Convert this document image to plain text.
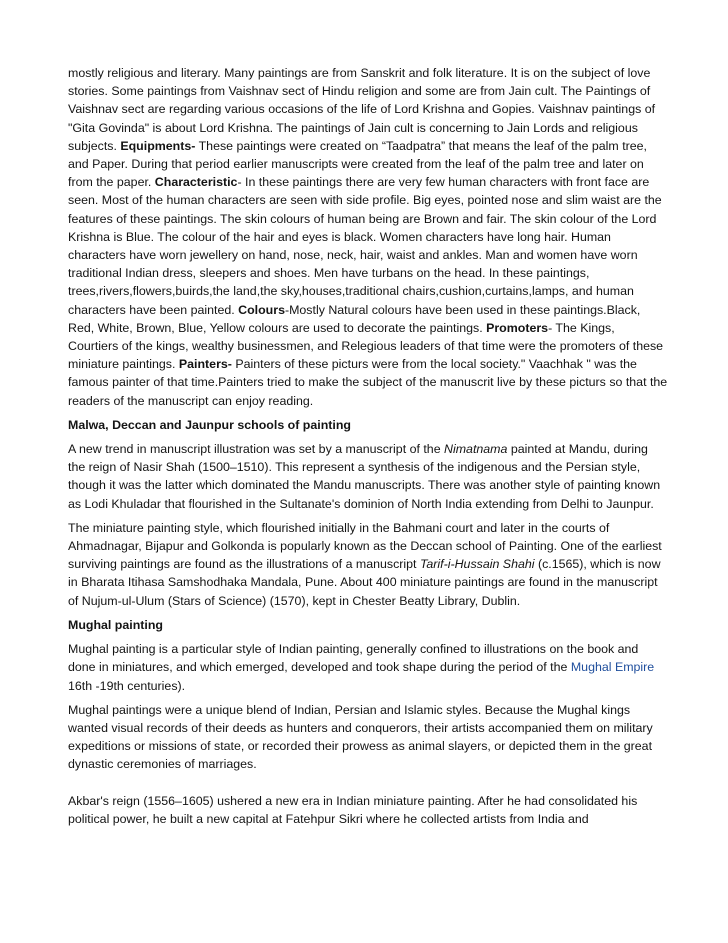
mostly religious and literary. Many paintings are from Sanskrit and folk literature. It is on the subject of love stories. Some paintings from Vaishnav sect of Hindu religion and some are from Jain cult. The Paintings of Vaishnav sect are regarding various occasions of the life of Lord Krishna and Gopies. Vaishnav paintings of "Gita Govinda" is about Lord Krishna. The paintings of Jain cult is concerning to Jain Lords and religious subjects. Equipments- These paintings were created on “Taadpatra” that means the leaf of the palm tree, and Paper. During that period earlier manuscripts were created from the leaf of the palm tree and later on from the paper. Characteristic- In these paintings there are very few human characters with front face are seen. Most of the human characters are seen with side profile. Big eyes, pointed nose and slim waist are the features of these paintings. The skin colours of human being are Brown and fair. The skin colour of the Lord Krishna is Blue. The colour of the hair and eyes is black. Women characters have long hair. Human characters have worn jewellery on hand, nose, neck, hair, waist and ankles. Man and women have worn traditional Indian dress, sleepers and shoes. Men have turbans on the head. In these paintings, trees,rivers,flowers,buirds,the land,the sky,houses,traditional chairs,cushion,curtains,lamps, and human characters have been painted. Colours-Mostly Natural colours have been used in these paintings.Black, Red, White, Brown, Blue, Yellow colours are used to decorate the paintings. Promoters- The Kings, Courtiers of the kings, wealthy businessmen, and Relegious leaders of that time were the promoters of these miniature paintings. Painters- Painters of these picturs were from the local society." Vaachhak " was the famous painter of that time.Painters tried to make the subject of the manuscrit live by these picturs so that the readers of the manuscript can enjoy reading.

Malwa, Deccan and Jaunpur schools of painting

A new trend in manuscript illustration was set by a manuscript of the Nimatnama painted at Mandu, during the reign of Nasir Shah (1500–1510). This represent a synthesis of the indigenous and the Persian style, though it was the latter which dominated the Mandu manuscripts. There was another style of painting known as Lodi Khuladar that flourished in the Sultanate's dominion of North India extending from Delhi to Jaunpur.

The miniature painting style, which flourished initially in the Bahmani court and later in the courts of Ahmadnagar, Bijapur and Golkonda is popularly known as the Deccan school of Painting. One of the earliest surviving paintings are found as the illustrations of a manuscript Tarif-i-Hussain Shahi (c.1565), which is now in Bharata Itihasa Samshodhaka Mandala, Pune. About 400 miniature paintings are found in the manuscript of Nujum-ul-Ulum (Stars of Science) (1570), kept in Chester Beatty Library, Dublin.

Mughal painting

Mughal painting is a particular style of Indian painting, generally confined to illustrations on the book and done in miniatures, and which emerged, developed and took shape during the period of the Mughal Empire 16th -19th centuries).

Mughal paintings were a unique blend of Indian, Persian and Islamic styles. Because the Mughal kings wanted visual records of their deeds as hunters and conquerors, their artists accompanied them on military expeditions or missions of state, or recorded their prowess as animal slayers, or depicted them in the great dynastic ceremonies of marriages.

Akbar's reign (1556–1605) ushered a new era in Indian miniature painting. After he had consolidated his political power, he built a new capital at Fatehpur Sikri where he collected artists from India and
